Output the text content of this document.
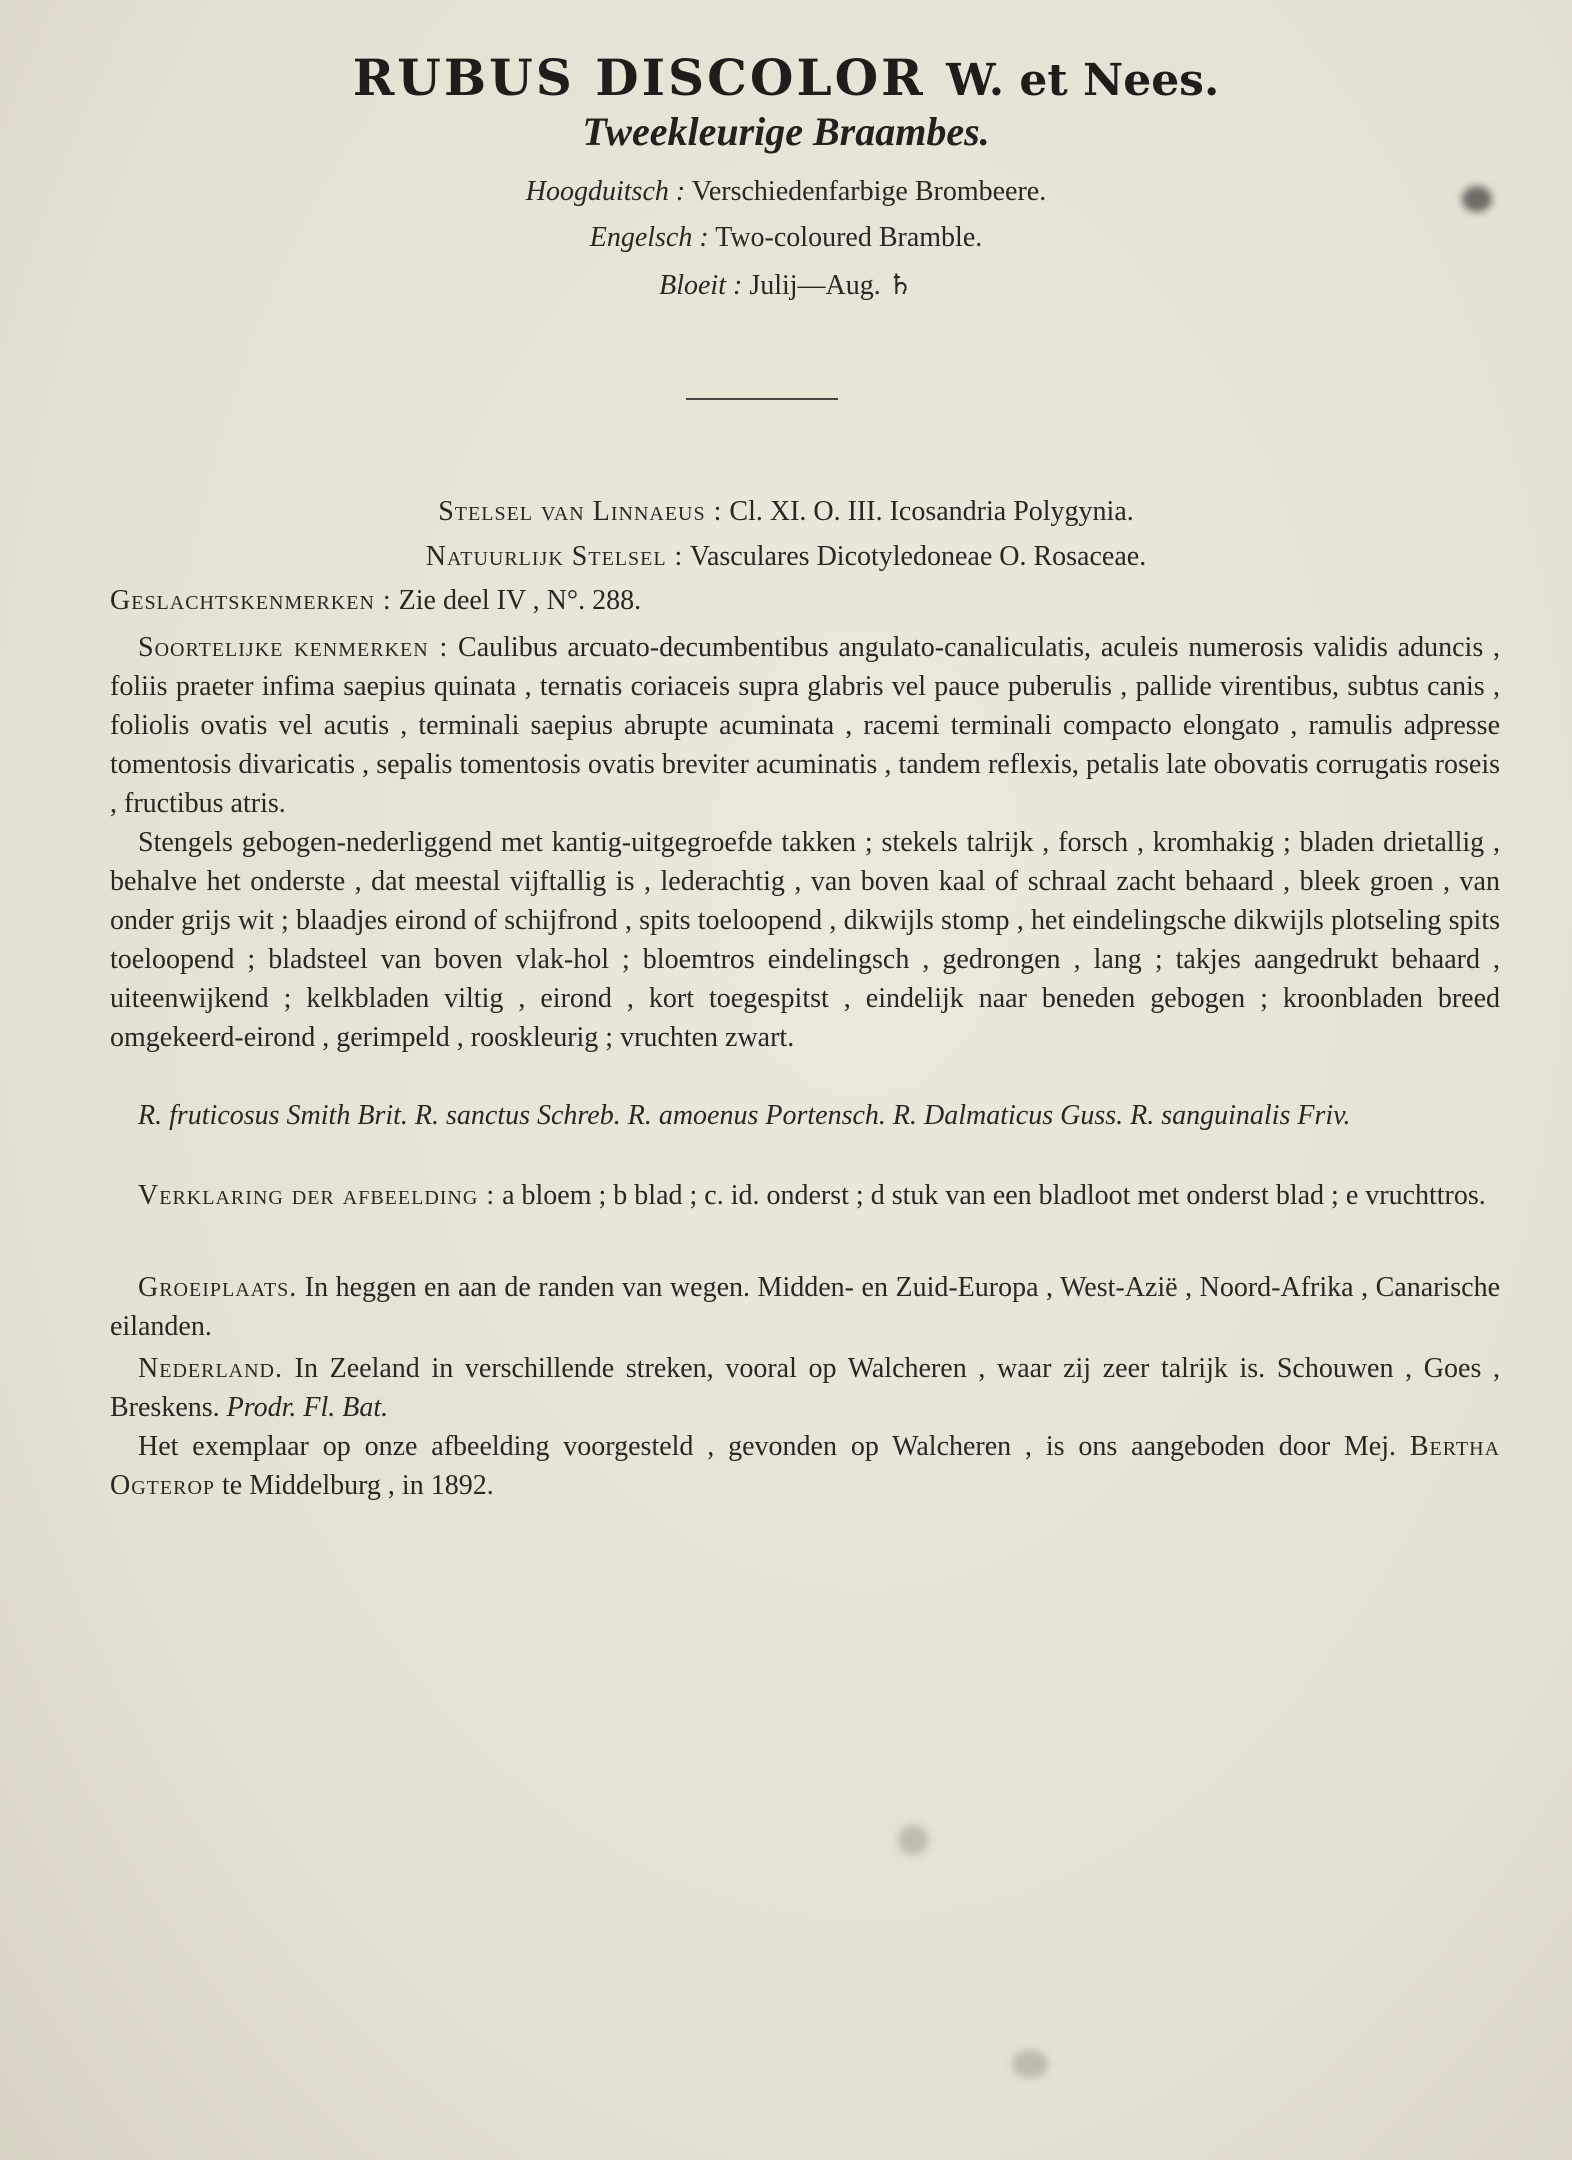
RUBUS DISCOLOR W. et Nees.
Tweekleurige Braambes.
Hoogduitsch : Verschiedenfarbige Brombeere.
Engelsch : Two-coloured Bramble.
Bloeit : Julij—Aug. ♄
Stelsel van Linnaeus : Cl. XI. O. III. Icosandria Polygynia.
Natuurlijk Stelsel : Vasculares Dicotyledoneae O. Rosaceae.
Geslachtskenmerken : Zie deel IV , N°. 288.
Soortelijke kenmerken : Caulibus arcuato-decumbentibus angulato-canaliculatis, aculeis numerosis validis aduncis , foliis praeter infima saepius quinata , ternatis coriaceis supra glabris vel pauce puberulis , pallide virentibus, subtus canis , foliolis ovatis vel acutis , terminali saepius abrupte acuminata , racemi terminali compacto elongato , ramulis adpresse tomentosis divaricatis , sepalis tomentosis ovatis breviter acuminatis , tandem reflexis, petalis late obovatis corrugatis roseis , fructibus atris.
Stengels gebogen-nederliggend met kantig-uitgegroefde takken ; stekels talrijk , forsch , kromhakig ; bladen drietallig , behalve het onderste , dat meestal vijftallig is , lederachtig , van boven kaal of schraal zacht behaard , bleek groen , van onder grijs wit ; blaadjes eirond of schijfrond , spits toeloopend , dikwijls stomp , het eindelingsche dikwijls plotseling spits toeloopend ; bladsteel van boven vlak-hol ; bloemtros eindelingsch , gedrongen , lang ; takjes aangedrukt behaard , uiteenwijkend ; kelkbladen viltig , eirond , kort toegespitst , eindelijk naar beneden gebogen ; kroonbladen breed omgekeerd-eirond , gerimpeld , rooskleurig ; vruchten zwart.
R. fruticosus Smith Brit. R. sanctus Schreb. R. amoenus Portensch. R. Dalmaticus Guss. R. sanguinalis Friv.
Verklaring der afbeelding : a bloem ; b blad ; c. id. onderst ; d stuk van een bladloot met onderst blad ; e vruchttros.
Groeiplaats. In heggen en aan de randen van wegen. Midden- en Zuid-Europa , West-Azië , Noord-Afrika , Canarische eilanden.
Nederland. In Zeeland in verschillende streken, vooral op Walcheren , waar zij zeer talrijk is. Schouwen , Goes , Breskens. Prodr. Fl. Bat.
Het exemplaar op onze afbeelding voorgesteld , gevonden op Walcheren , is ons aangeboden door Mej. Bertha Ogterop te Middelburg , in 1892.
